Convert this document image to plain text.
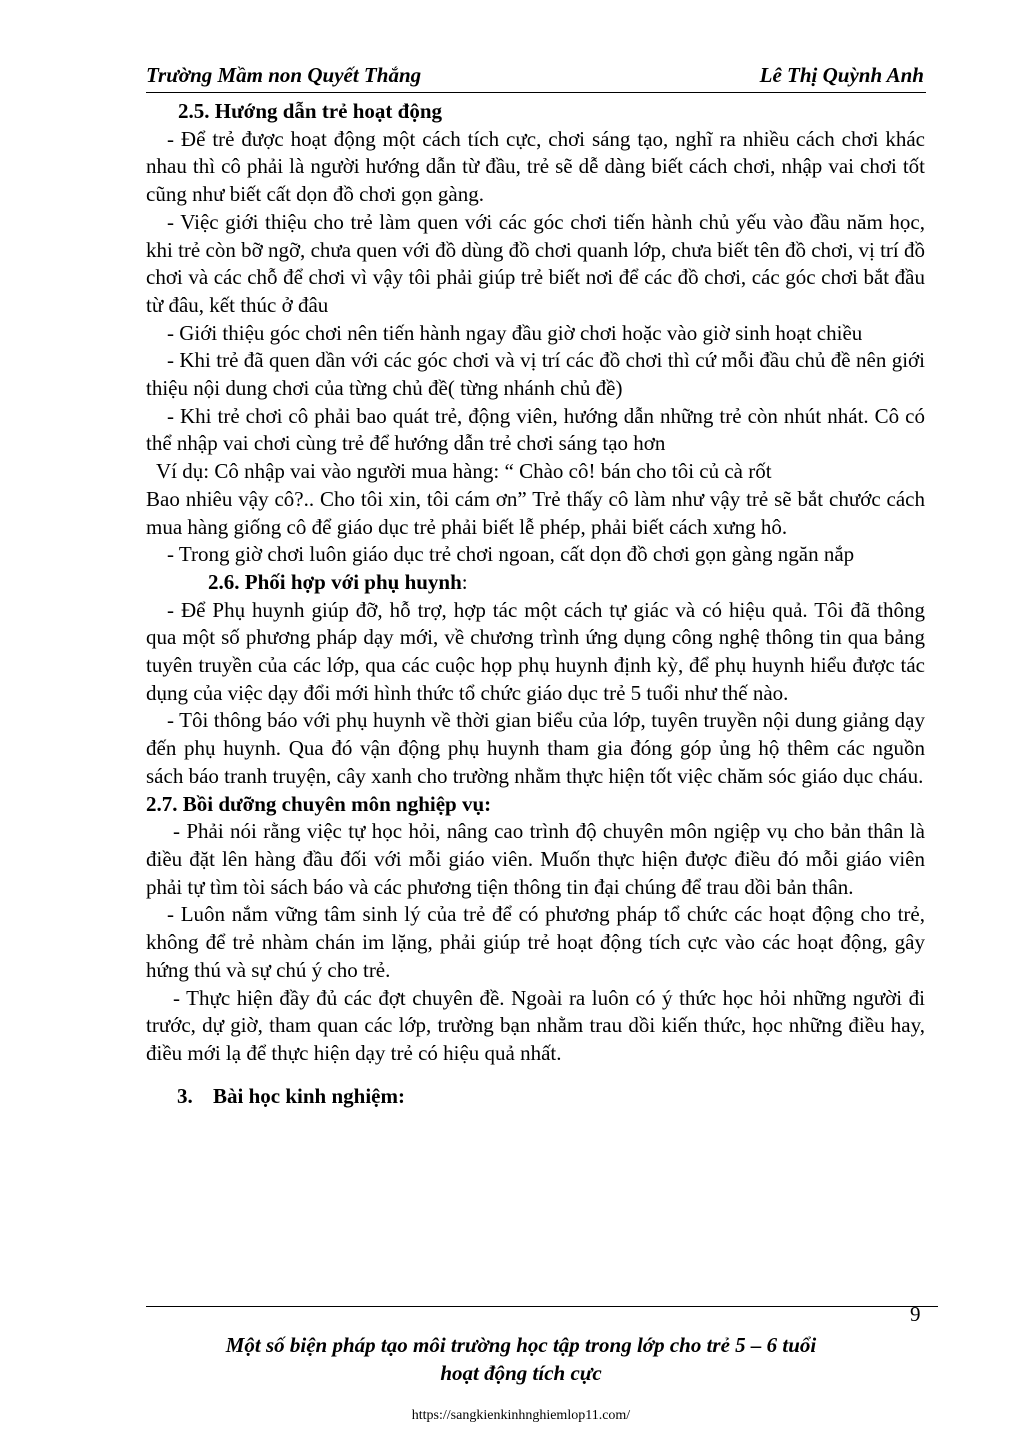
Trường Mầm non Quyết Thắng	Lê Thị Quỳnh Anh

2.5. Hướng dẫn trẻ hoạt động

- Để trẻ được hoạt động một cách tích cực, chơi sáng tạo, nghĩ ra nhiều cách chơi khác nhau thì cô phải là người hướng dẫn từ đầu, trẻ sẽ dễ dàng biết cách chơi, nhập vai chơi tốt cũng như biết cất dọn đồ chơi gọn gàng.

- Việc giới thiệu cho trẻ làm quen với các góc chơi tiến hành chủ yếu vào đầu năm học, khi trẻ còn bỡ ngỡ, chưa quen với đồ dùng đồ chơi quanh lớp, chưa biết tên đồ chơi, vị trí đồ chơi và các chỗ để chơi vì vậy tôi phải giúp trẻ biết nơi để các đồ chơi, các góc chơi bắt đầu từ đâu, kết thúc ở đâu

- Giới thiệu góc chơi nên tiến hành ngay đầu giờ chơi hoặc vào giờ sinh hoạt chiều

- Khi trẻ đã quen dần với các góc chơi và vị trí các đồ chơi thì cứ mỗi đầu chủ đề nên giới thiệu nội dung chơi của từng chủ đề( từng nhánh chủ đề)

- Khi trẻ chơi cô phải bao quát trẻ, động viên, hướng dẫn những trẻ còn nhút nhát. Cô có thể nhập vai chơi cùng trẻ để hướng dẫn trẻ chơi sáng tạo hơn

Ví dụ: Cô nhập vai vào người mua hàng: “ Chào cô! bán cho tôi củ cà rốt

Bao nhiêu vậy cô?.. Cho tôi xin, tôi cám ơn” Trẻ thấy cô làm như vậy trẻ sẽ bắt chước cách mua hàng giống cô để giáo dục trẻ phải biết lễ phép, phải biết cách xưng hô.

- Trong giờ chơi luôn giáo dục trẻ chơi ngoan, cất dọn đồ chơi gọn gàng ngăn nắp

2.6. Phối hợp với phụ huynh:

- Để Phụ huynh giúp đỡ, hỗ trợ, hợp tác một cách tự giác và có hiệu quả. Tôi đã thông qua một số phương pháp dạy mới, về chương trình ứng dụng công nghệ thông tin qua bảng tuyên truyền của các lớp, qua các cuộc họp phụ huynh định kỳ, để phụ huynh hiểu được tác dụng của việc dạy đổi mới hình thức tổ chức giáo dục trẻ 5 tuổi như thế nào.

- Tôi thông báo với phụ huynh về thời gian biểu của lớp, tuyên truyền nội dung giảng dạy đến phụ huynh. Qua đó vận động phụ huynh tham gia đóng góp ủng hộ thêm các nguồn sách báo tranh truyện, cây xanh cho trường nhằm thực hiện tốt việc chăm sóc giáo dục cháu.

2.7. Bồi dưỡng chuyên môn nghiệp vụ:

- Phải nói rằng việc tự học hỏi, nâng cao trình độ chuyên môn ngiệp vụ cho bản thân là điều đặt lên hàng đầu đối với mỗi giáo viên. Muốn thực hiện được điều đó mỗi giáo viên phải tự tìm tòi sách báo và các phương tiện thông tin đại chúng để trau dồi bản thân.

- Luôn nắm vững tâm sinh lý của trẻ để có phương pháp tổ chức các hoạt động cho trẻ, không để trẻ nhàm chán im lặng, phải giúp trẻ hoạt động tích cực vào các hoạt động, gây hứng thú và sự chú ý cho trẻ.

- Thực hiện đầy đủ các đợt chuyên đề. Ngoài ra luôn có ý thức học hỏi những người đi trước, dự giờ, tham quan các lớp, trường bạn nhằm trau dồi kiến thức, học những điều hay, điều mới lạ để thực hiện dạy trẻ có hiệu quả nhất.

3. Bài học kinh nghiệm:

9
Một số biện pháp tạo môi trường học tập trong lớp cho trẻ 5 – 6 tuổi
hoạt động tích cực
https://sangkienkinhnghiemlop11.com/
